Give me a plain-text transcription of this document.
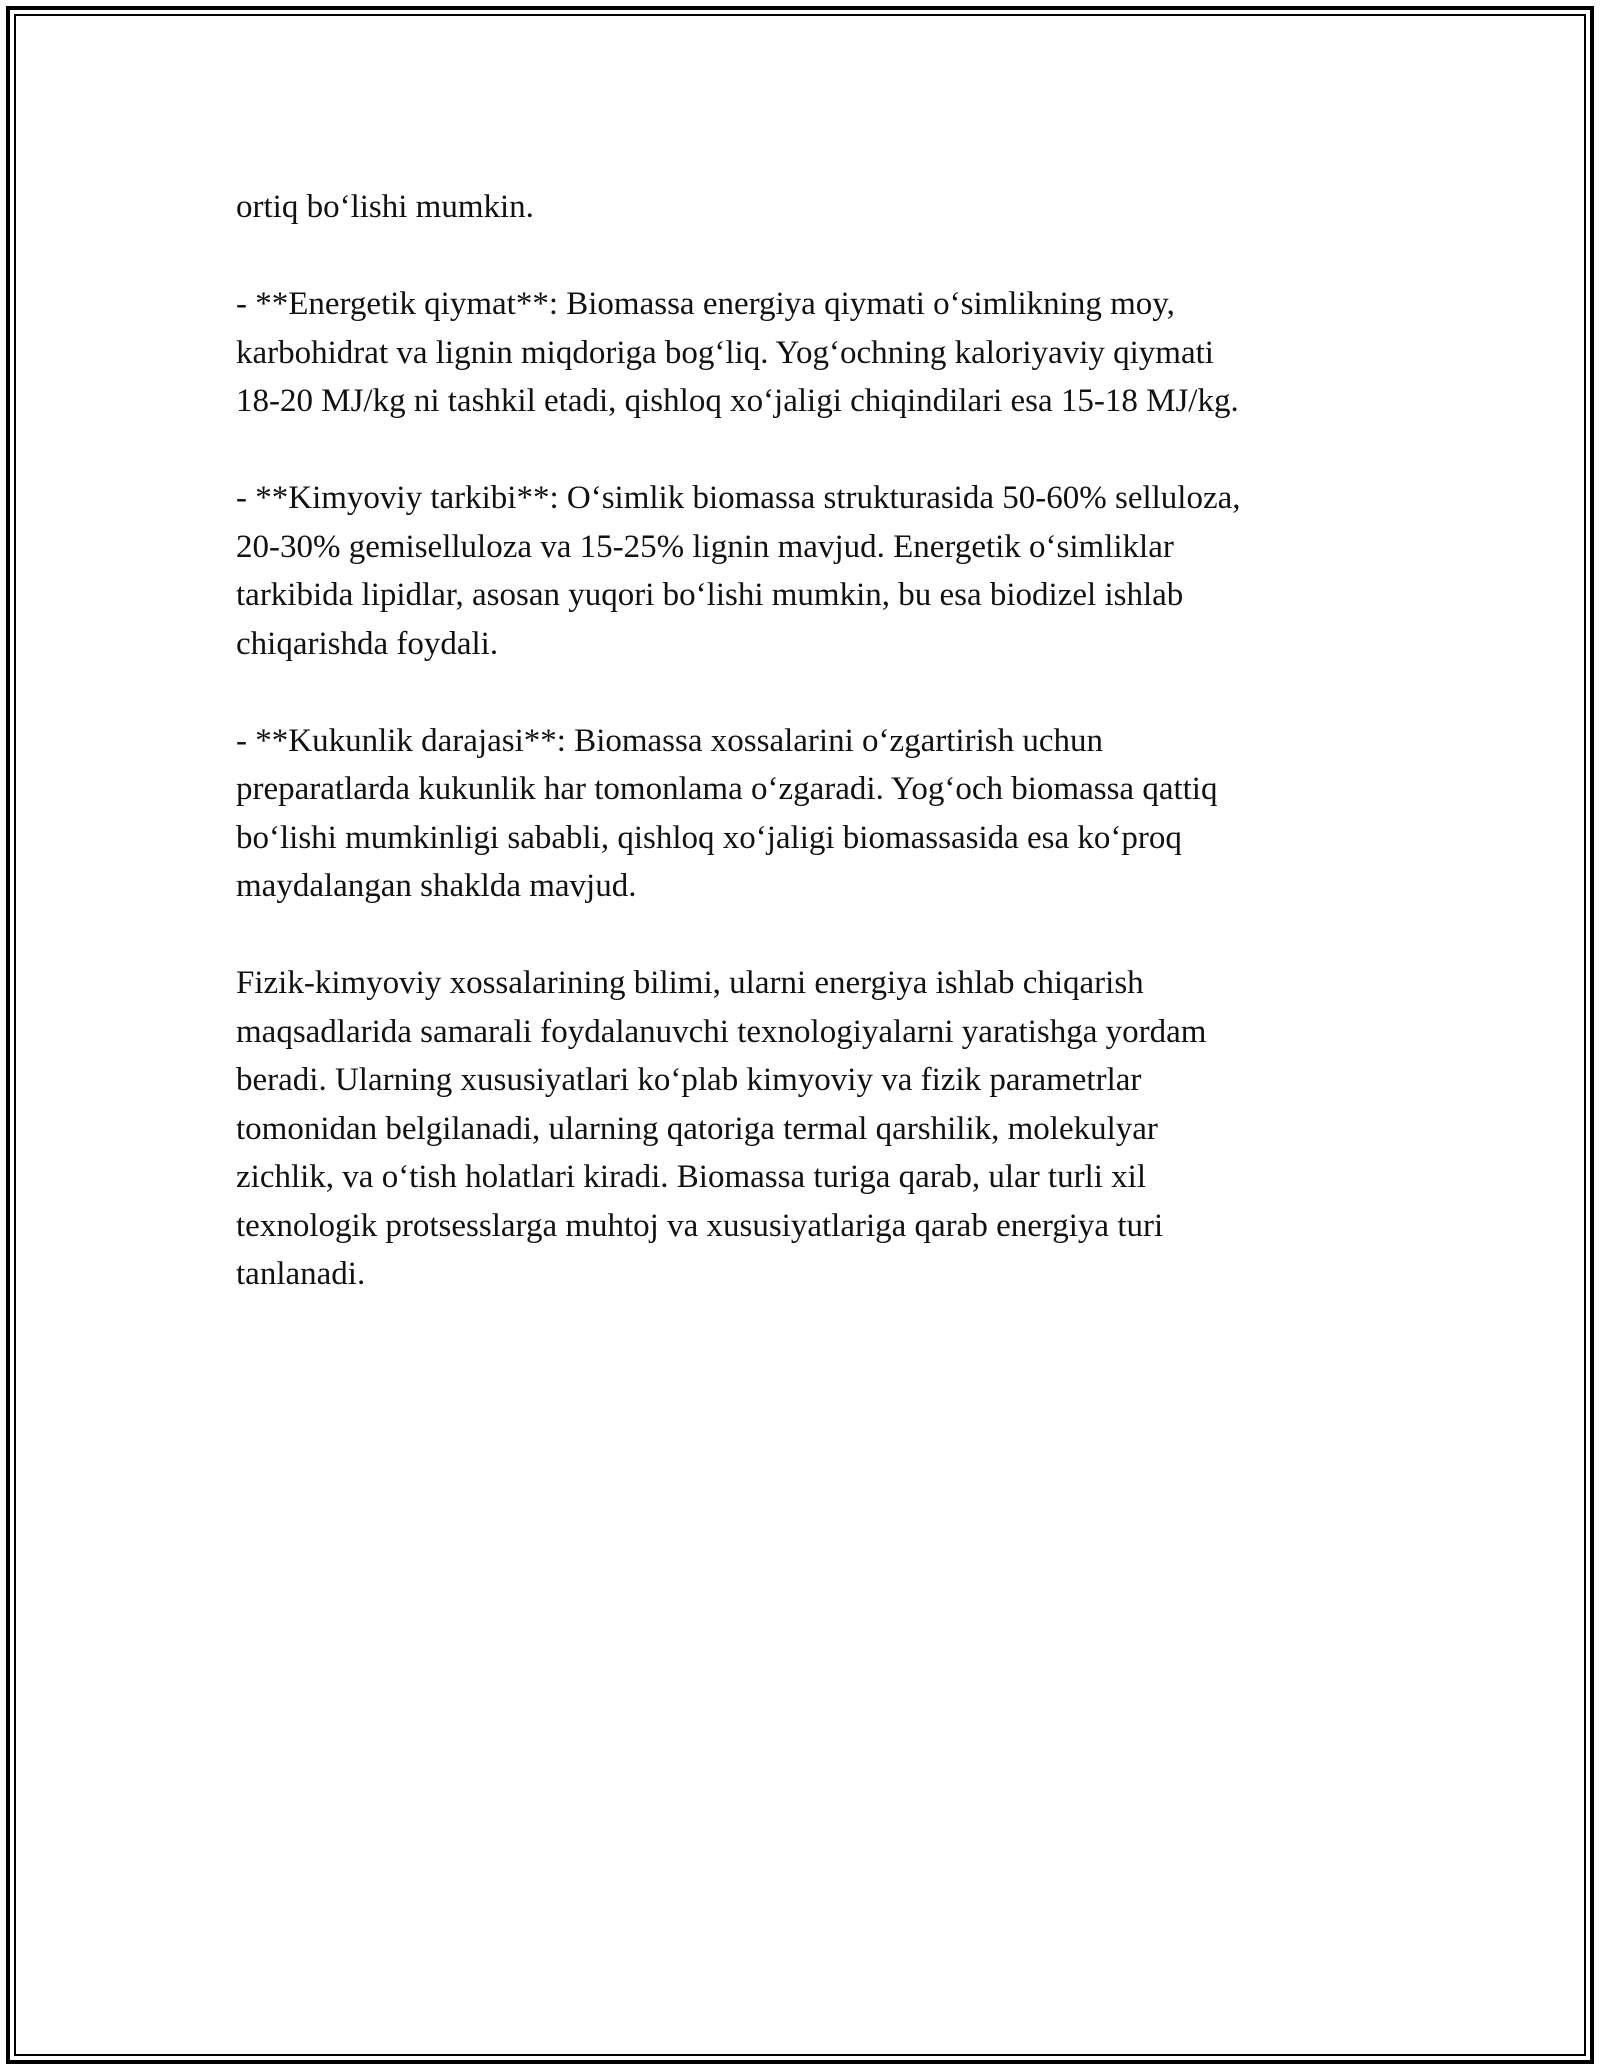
ortiq bo‘lishi mumkin.

- **Energetik qiymat**: Biomassa energiya qiymati o‘simlikning moy,
karbohidrat va lignin miqdoriga bog‘liq. Yog‘ochning kaloriyaviy qiymati
18-20 MJ/kg ni tashkil etadi, qishloq xo‘jaligi chiqindilari esa 15-18 MJ/kg.

- **Kimyoviy tarkibi**: O‘simlik biomassa strukturasida 50-60% selluloza,
20-30% gemiselluloza va 15-25% lignin mavjud. Energetik o‘simliklar
tarkibida lipidlar, asosan yuqori bo‘lishi mumkin, bu esa biodizel ishlab
chiqarishda foydali.

- **Kukunlik darajasi**: Biomassa xossalarini o‘zgartirish uchun
preparatlarda kukunlik har tomonlama o‘zgaradi. Yog‘och biomassa qattiq
bo‘lishi mumkinligi sababli, qishloq xo‘jaligi biomassasida esa ko‘proq
maydalangan shaklda mavjud.

Fizik-kimyoviy xossalarining bilimi, ularni energiya ishlab chiqarish
maqsadlarida samarali foydalanuvchi texnologiyalarni yaratishga yordam
beradi. Ularning xususiyatlari ko‘plab kimyoviy va fizik parametrlar
tomonidan belgilanadi, ularning qatoriga termal qarshilik, molekulyar
zichlik, va o‘tish holatlari kiradi. Biomassa turiga qarab, ular turli xil
texnologik protsesslarga muhtoj va xususiyatlariga qarab energiya turi
tanlanadi.
